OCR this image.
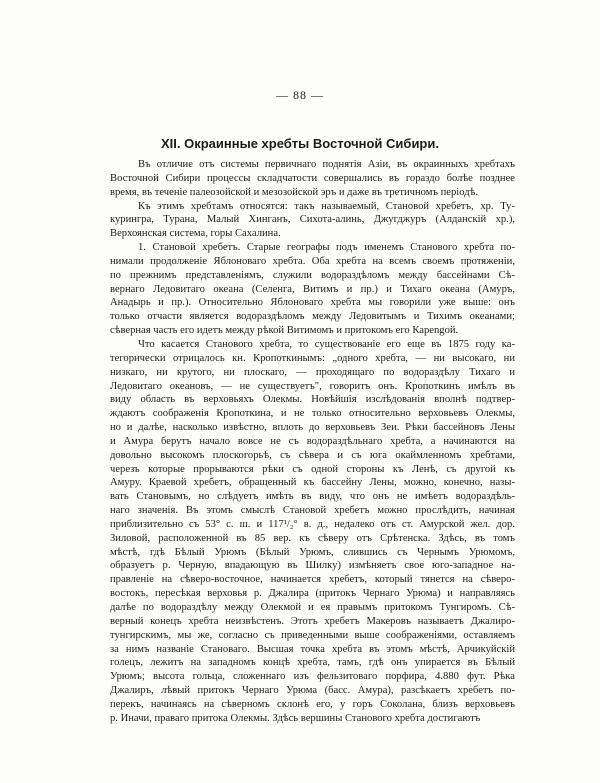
— 88 —
XII. Окраинные хребты Восточной Сибири.
Въ отличие отъ системы первичнаго поднятія Азіи, въ окраинныхъ хребтахъ
Восточной Сибири процессы складчатости совершались въ гораздо болѣе позднее
время, въ теченіе палеозойской и мезозойской эръ и даже въ третичномъ періодѣ.
Къ этимъ хребтамъ относятся: такъ называемый, Становой хребетъ, хр. Ту-
курингра, Турана, Малый Хинганъ, Сихота-алинь, Джугджуръ (Алданскій хр.),
Верхоянская система, горы Сахалина.
1. Становой хребетъ. Старые географы подъ именемъ Станового хребта по-
нимали продолженіе Яблоноваго хребта. Оба хребта на всемъ своемъ протяженіи,
по прежнимъ представленіямъ, служили водораздѣломъ между бассейнами Сѣ-
вернаго Ледовитаго океана (Селенга, Витимъ и пр.) и Тихаго океана (Амуръ,
Анадырь и пр.). Относительно Яблоноваго хребта мы говорили уже выше: онъ
только отчасти является водораздѣломъ между Ледовитымъ и Тихимъ океанами;
сѣверная часть его идетъ между рѣкой Витимомъ и притокомъ его Кареngой.
Что касается Станового хребта, то существованіе его еще въ 1875 году ка-
тегорически отрицалось кн. Кропоткинымъ: „одного хребта, — ни высокаго, ни
низкаго, ни крутого, ни плоскаго, — проходящаго по водораздѣлу Тихаго и
Ледовитаго океановъ, — не существуетъ", говоритъ онъ. Кропоткинъ имѣлъ въ
виду область въ верховьяхъ Олекмы. Новѣйшія изслѣдованія вполнѣ подтвер-
ждаютъ соображенія Кропоткина, и не только относительно верховьевъ Олекмы,
но и далѣе, насколько извѣстно, вплоть до верховьевъ Зеи. Рѣки бассейновъ Лены
и Амура берутъ начало вовсе не съ водораздѣльнаго хребта, а начинаются на
довольно высокомъ плоскогорьѣ, съ сѣвера и съ юга окаймленномъ хребтами,
черезъ которые прорываются рѣки съ одной стороны къ Ленѣ, съ другой къ
Амуру. Краевой хребетъ, обращенный къ бассейну Лены, можно, конечно, назы-
вать Становымъ, но слѣдуетъ имѣть въ виду, что онъ не имѣетъ водораздѣль-
наго значенія. Въ этомъ смыслѣ Становой хребетъ можно прослѣдить, начиная
приблизительно съ 53° с. ш. и 117¹/₂° в. д., недалеко отъ ст. Амурской жел. дор.
Зиловой, расположенной въ 85 вер. къ сѣверу отъ Срѣтенска. Здѣсь, въ томъ
мѣстѣ, гдѣ Бѣлый Урюмъ (Бѣлый Урюмъ, слившись съ Чернымъ Урюмомъ,
образуетъ р. Черную, впадающую въ Шилку) измѣняетъ свое юго-западное на-
правленіе на сѣверо-восточное, начинается хребетъ, который тянется на сѣверо-
востокъ, пересѣкая верховья р. Джалира (притокъ Чернаго Урюма) и направляясь
далѣе по водораздѣлу между Олекмой и ея правымъ притокомъ Тунгиромъ. Сѣ-
верный конецъ хребта неизвѣстенъ. Этотъ хребетъ Макеровъ называетъ Джалиро-
тунгирскимъ, мы же, согласно съ приведенными выше соображеніями, оставляемъ
за нимъ названіе Становаго. Высшая точка хребта въ этомъ мѣстѣ, Арчикуйскій
голецъ, лежитъ на западномъ концѣ хребта, тамъ, гдѣ онъ упирается въ Бѣлый
Урюмъ; высота гольца, сложеннаго изъ фельзитоваго порфира, 4.880 фут. Рѣка
Джалиръ, лѣвый притокъ Чернаго Урюма (басс. Амура), разсѣкаетъ хребетъ по-
перекъ, начинаясь на сѣверномъ склонѣ его, у горъ Соколана, близъ верховьевъ
р. Иначи, праваго притока Олекмы. Здѣсь вершины Станового хребта достигаютъ
